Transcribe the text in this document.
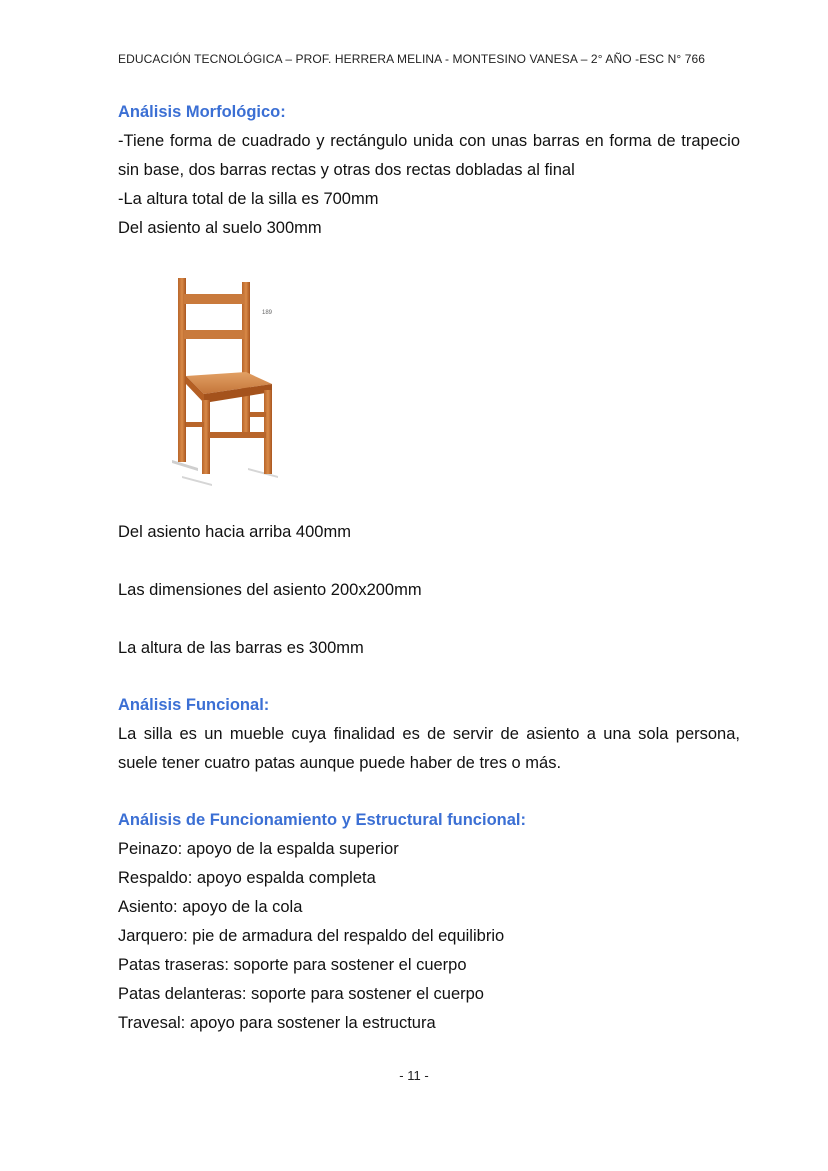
EDUCACIÓN TECNOLÓGICA – PROF. HERRERA MELINA - MONTESINO VANESA – 2° AÑO -ESC N° 766

Análisis Morfológico:

-Tiene forma de cuadrado y rectángulo unida con unas barras en forma de trapecio sin base, dos barras rectas y otras dos rectas dobladas al final

-La altura total de la silla es 700mm

Del asiento al suelo 300mm

189

Del asiento hacia arriba 400mm

Las dimensiones del asiento 200x200mm

La altura de las barras es 300mm

Análisis Funcional:

La silla es un mueble cuya finalidad es de servir de asiento a una sola persona, suele tener cuatro patas aunque puede haber de tres o más.

Análisis de Funcionamiento y Estructural funcional:

Peinazo: apoyo de la espalda superior

Respaldo: apoyo espalda completa

Asiento: apoyo de la cola

Jarquero: pie de armadura del respaldo del equilibrio

Patas traseras: soporte para sostener el cuerpo

Patas delanteras: soporte para sostener el cuerpo

Travesal: apoyo para sostener la estructura

- 11 -
